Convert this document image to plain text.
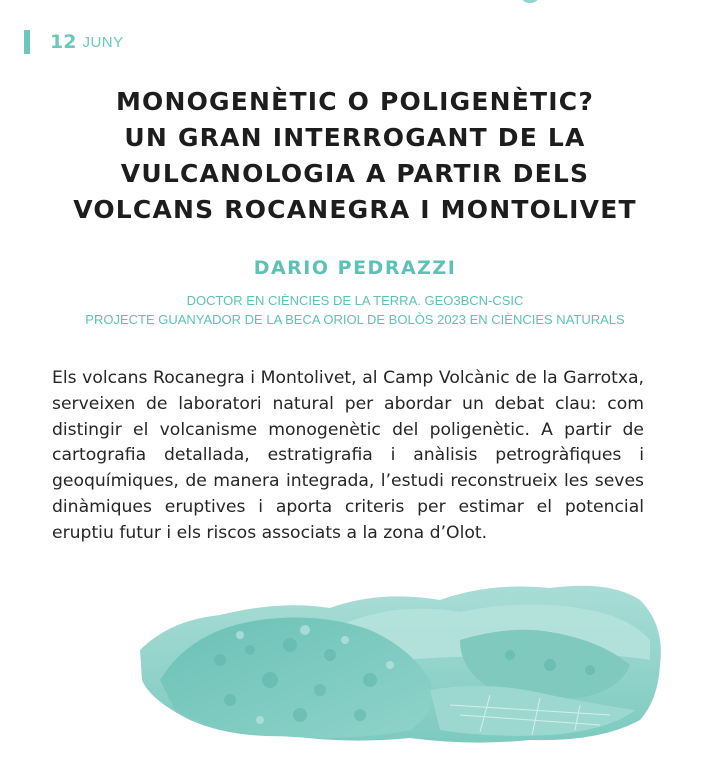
12 JUNY
MONOGENÈTIC O POLIGENÈTIC?
UN GRAN INTERROGANT DE LA
VULCANOLOGIA A PARTIR DELS
VOLCANS ROCANEGRA I MONTOLIVET
DARIO PEDRAZZI
DOCTOR EN CIÈNCIES DE LA TERRA. GEO3BCN-CSIC
PROJECTE GUANYADOR DE LA BECA ORIOL DE BOLÒS 2023 EN CIÈNCIES NATURALS

Els volcans Rocanegra i Montolivet, al Camp Volcànic de la Garrotxa, serveixen de laboratori natural per abordar un debat clau: com distingir el volcanisme monogenètic del poligenètic. A partir de cartografia detallada, estratigrafia i anàlisis petrogràfiques i geoquímiques, de manera integrada, l’estudi reconstrueix les seves dinàmiques eruptives i aporta criteris per estimar el potencial eruptiu futur i els riscos associats a la zona d’Olot.
